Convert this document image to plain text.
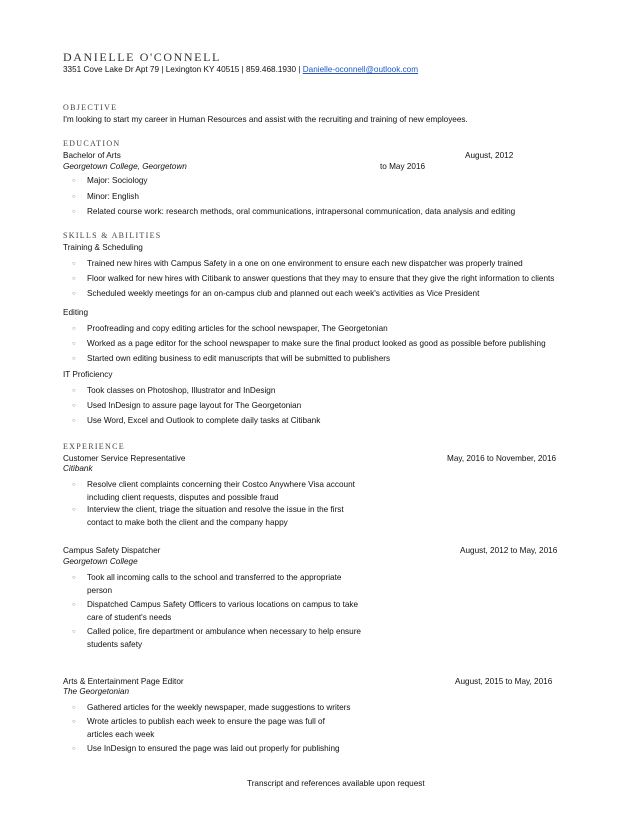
DANIELLE O'CONNELL
3351 Cove Lake Dr Apt 79 | Lexington KY 40515 | 859.468.1930 | Danielle-oconnell@outlook.com
OBJECTIVE
I'm looking to start my career in Human Resources and assist with the recruiting and training of new employees.
EDUCATION
Bachelor of Arts	August, 2012
Georgetown College, Georgetown	to May 2016
○ Major: Sociology
○ Minor: English
○ Related course work: research methods, oral communications, intrapersonal communication, data analysis and editing
SKILLS & ABILITIES
Training & Scheduling
○ Trained new hires with Campus Safety in a one on one environment to ensure each new dispatcher was properly trained
○ Floor walked for new hires with Citibank to answer questions that they may to ensure that they give the right information to clients
○ Scheduled weekly meetings for an on-campus club and planned out each week's activities as Vice President
Editing
○ Proofreading and copy editing articles for the school newspaper, The Georgetonian
○ Worked as a page editor for the school newspaper to make sure the final product looked as good as possible before publishing
○ Started own editing business to edit manuscripts that will be submitted to publishers
IT Proficiency
○ Took classes on Photoshop, Illustrator and InDesign
○ Used InDesign to assure page layout for The Georgetonian
○ Use Word, Excel and Outlook to complete daily tasks at Citibank
EXPERIENCE
Customer Service Representative	May, 2016 to November, 2016
Citibank
○ Resolve client complaints concerning their Costco Anywhere Visa account
including client requests, disputes and possible fraud
○ Interview the client, triage the situation and resolve the issue in the first
contact to make both the client and the company happy
Campus Safety Dispatcher	August, 2012 to May, 2016
Georgetown College
○ Took all incoming calls to the school and transferred to the appropriate
person
○ Dispatched Campus Safety Officers to various locations on campus to take
care of student's needs
○ Called police, fire department or ambulance when necessary to help ensure
students safety
Arts & Entertainment Page Editor	August, 2015 to May, 2016
The Georgetonian
○ Gathered articles for the weekly newspaper, made suggestions to writers
○ Wrote articles to publish each week to ensure the page was full of
articles each week
○ Use InDesign to ensured the page was laid out properly for publishing
Transcript and references available upon request
